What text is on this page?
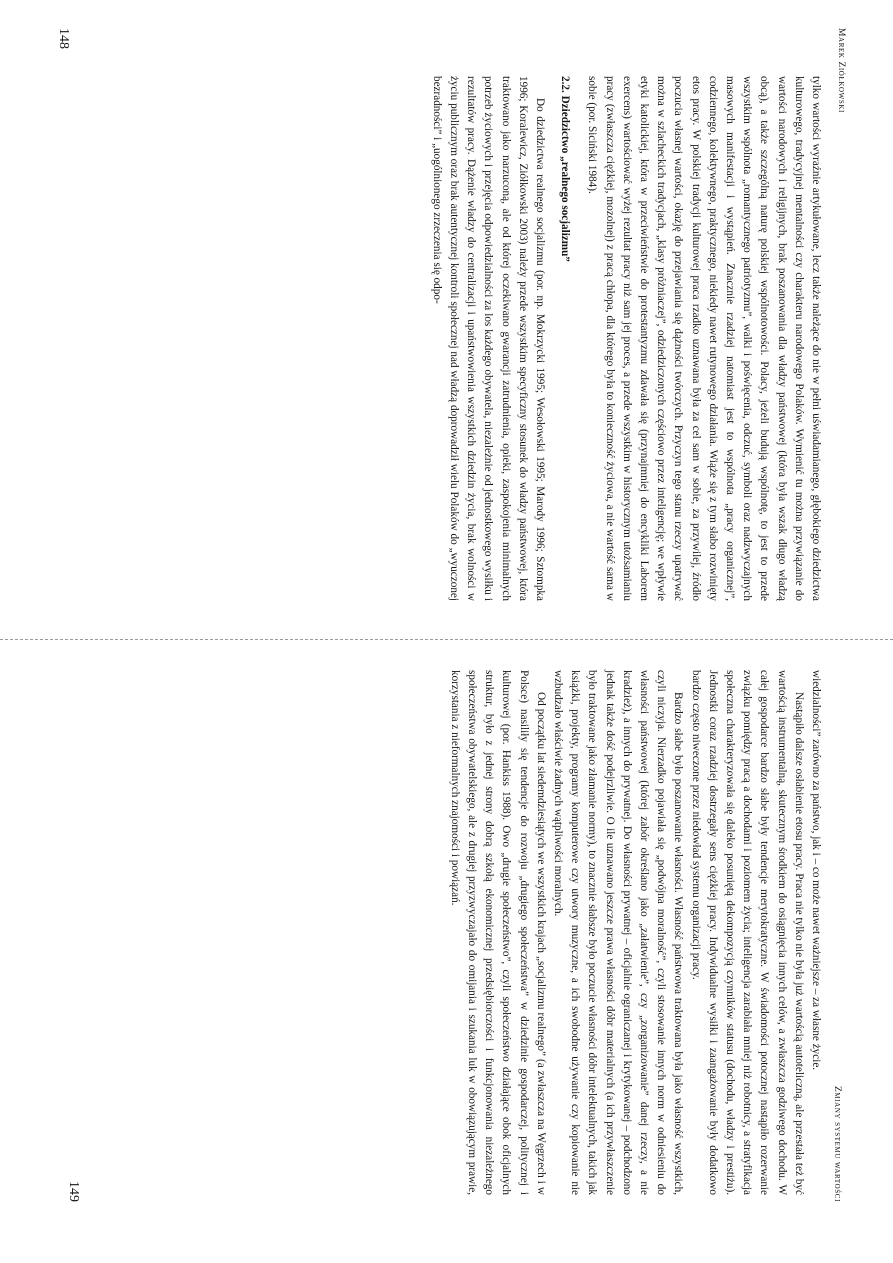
Marek Ziółkowski
148

tylko wartości wyraźnie artykułowane, lecz także należące do nie w pełni uświadamianego, głębokiego dziedzictwa kulturowego, tradycyjnej mentalności czy charakteru narodowego Polaków. Wymienić tu można przywiązanie do wartości narodowych i religijnych, brak poszanowania dla władzy państwowej (która była wszak długo władzą obcą), a także szczególną naturę polskiej wspólnotowości. Polacy, jeżeli budują wspólnotę, to jest to przede wszystkim wspólnota „romantycznego patriotyzmu”, walki i poświęcenia, odczuć, symboli oraz nadzwyczajnych masowych manifestacji i wystąpień. Znacznie rzadziej natomiast jest to wspólnota „pracy organicznej”, codziennego, kolektywnego, praktycznego, niekiedy nawet rutynowego działania. Wiąże się z tym słabo rozwinięty etos pracy. W polskiej tradycji kulturowej praca rzadko uznawana była za cel sam w sobie, za przywilej, źródło poczucia własnej wartości, okazję do przejawiania się dążności twórczych. Przyczyn tego stanu rzeczy upatrywać można w szlacheckich tradycjach, „klasy próżniaczej”, odziedziczonych częściowo przez inteligencję; we wpływie etyki katolickiej, która w przeciwieństwie do protestantyzmu zdawała się (przynajmniej do encykliki Laborem exercens) wartościować wyżej rezultat pracy niż sam jej proces, a przede wszystkim w historycznym utożsamianiu pracy (zwłaszcza ciężkiej, mozolnej) z pracą chłopa, dla którego była to konieczność życiowa, a nie wartość sama w sobie (por. Siciński 1984).

2.2. Dziedzictwo „realnego socjalizmu”

Do dziedzictwa realnego socjalizmu (por. np. Mokrzycki 1995; Wesołowski 1995; Marody 1996; Sztompka 1996; Koralewicz, Ziółkowski 2003) należy przede wszystkim specyficzny stosunek do władzy państwowej, która traktowano jako narzuconą, ale od której oczekiwano gwarancji zatrudnienia, opieki, zaspokojenia minimalnych potrzeb życiowych i przejęcia odpowiedzialności za los każdego obywatela, niezależnie od jednostkowego wysiłku i rezultatów pracy. Dążenie władzy do centralizacji i upaństwowienia wszystkich dziedzin życia, brak wolności w życiu publicznym oraz brak autentycznej kontroli społecznej nad władzą doprowadził wielu Polaków do „wyuczonej bezradności” i „uogólnionego zrzeczenia się odpo-

Zmiany systemu wartości
149

wiedzialności” zarówno za państwo, jak i – co może nawet ważniejsze – za własne życie.

Nastąpiło dalsze osłabienie etosu pracy. Praca nie tylko nie była już wartością autoteliczną, ale przestała też być wartością instrumentalną, skutecznym środkiem do osiągnięcia innych celów, a zwłaszcza godziwego dochodu. W całej gospodarce bardzo słabe były tendencje merytokratyczne. W świadomości potocznej nastąpiło rozerwanie związku pomiędzy pracą a dochodami i poziomem życia; inteligencja zarabiała mniej niż robotnicy, a stratyfikacja społeczna charakteryzowała się daleko posuniętą dekompozycją czynników statusu (dochodu, władzy i prestiżu). Jednostki coraz rzadziej dostrzegały sens ciężkiej pracy. Indywidualne wysiłki i zaangażowanie były dodatkowo bardzo często niweczone przez niedowład systemu organizacji pracy.

Bardzo słabe było poszanowanie własności. Własność państwowa traktowana była jako własność wszystkich, czyli niczyja. Nierzadko pojawiała się „podwójna moralność”, czyli stosowanie innych norm w odniesieniu do własności państwowej (której zabór określano jako „załatwienie”, czy „zorganizowanie” danej rzeczy, a nie kradzież), a innych do prywatnej. Do własności prywatnej – oficjalnie ograniczanej i krytykowanej – podchodzono jednak także dość podejrzliwie. O ile uznawano jeszcze prawa własności dóbr materialnych (a ich przywłaszczenie było traktowane jako złamanie normy), to znacznie słabsze było poczucie własności dóbr intelektualnych, takich jak książki, projekty, programy komputerowe czy utwory muzyczne, a ich swobodne używanie czy kopiowanie nie wzbudzało właściwie żadnych wątpliwości moralnych.

Od początku lat siedemdziesiątych we wszystkich krajach „socjalizmu realnego” (a zwłaszcza na Węgrzech i w Polsce) nasiliły się tendencje do rozwoju „drugiego społeczeństwa” w dziedzinie gospodarczej, politycznej i kulturowej (por. Hankiss 1988). Owo „drugie społeczeństwo”, czyli społeczeństwo działające obok oficjalnych struktur, było z jednej strony dobrą szkołą ekonomicznej przedsiębiorczości i funkcjonowania niezależnego społeczeństwa obywatelskiego, ale z drugiej przyzwyczajało do omijania i szukania luk w obowiązującym prawie, korzystania z nieformalnych znajomości i powiązań.
